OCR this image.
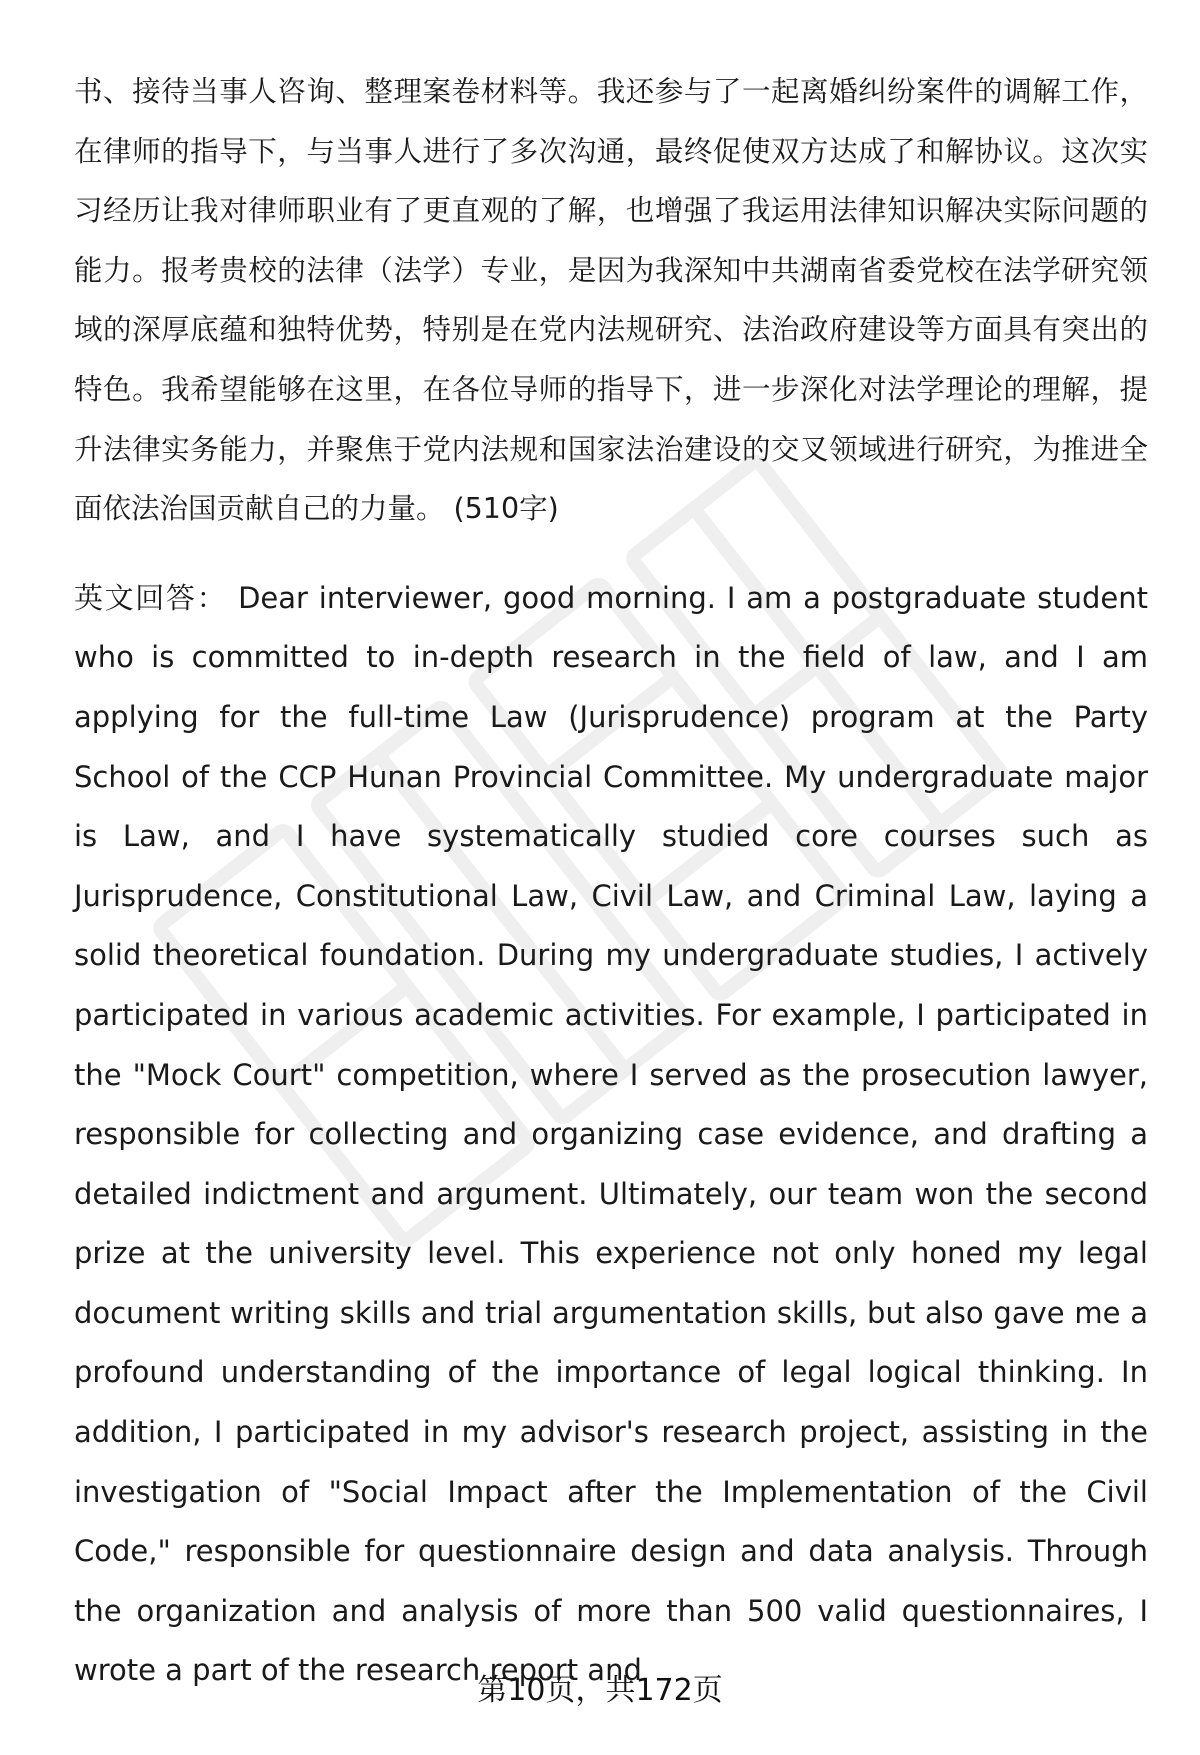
书、接待当事人咨询、整理案卷材料等。我还参与了一起离婚纠纷案件的调解工作，在律师的指导下，与当事人进行了多次沟通，最终促使双方达成了和解协议。这次实习经历让我对律师职业有了更直观的了解，也增强了我运用法律知识解决实际问题的能力。报考贵校的法律（法学）专业，是因为我深知中共湖南省委党校在法学研究领域的深厚底蕴和独特优势，特别是在党内法规研究、法治政府建设等方面具有突出的特色。我希望能够在这里，在各位导师的指导下，进一步深化对法学理论的理解，提升法律实务能力，并聚焦于党内法规和国家法治建设的交叉领域进行研究，为推进全面依法治国贡献自己的力量。 (510字)

英文回答： Dear interviewer, good morning. I am a postgraduate student who is committed to in-depth research in the field of law, and I am applying for the full-time Law (Jurisprudence) program at the Party School of the CCP Hunan Provincial Committee. My undergraduate major is Law, and I have systematically studied core courses such as Jurisprudence, Constitutional Law, Civil Law, and Criminal Law, laying a solid theoretical foundation. During my undergraduate studies, I actively participated in various academic activities. For example, I participated in the "Mock Court" competition, where I served as the prosecution lawyer, responsible for collecting and organizing case evidence, and drafting a detailed indictment and argument. Ultimately, our team won the second prize at the university level. This experience not only honed my legal document writing skills and trial argumentation skills, but also gave me a profound understanding of the importance of legal logical thinking. In addition, I participated in my advisor's research project, assisting in the investigation of "Social Impact after the Implementation of the Civil Code," responsible for questionnaire design and data analysis. Through the organization and analysis of more than 500 valid questionnaires, I wrote a part of the research report and

第10页，共172页
